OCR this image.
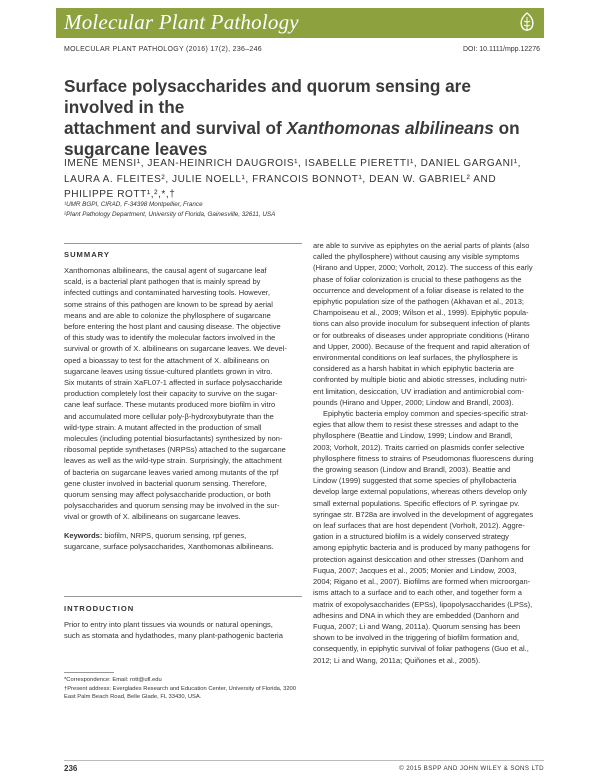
Molecular Plant Pathology
MOLECULAR PLANT PATHOLOGY (2016) 17(2), 236–246	DOI: 10.1111/mpp.12276
Surface polysaccharides and quorum sensing are involved in the
attachment and survival of Xanthomonas albilineans on
sugarcane leaves
IMENE MENSI¹, JEAN-HEINRICH DAUGROIS¹, ISABELLE PIERETTI¹, DANIEL GARGANI¹,
LAURA A. FLEITES², JULIE NOELL¹, FRANCOIS BONNOT¹, DEAN W. GABRIEL² AND
PHILIPPE ROTT¹,²,*,†
¹UMR BGPI, CIRAD, F-34398 Montpellier, France
²Plant Pathology Department, University of Florida, Gainesville, 32611, USA
SUMMARY
Xanthomonas albilineans, the causal agent of sugarcane leaf
scald, is a bacterial plant pathogen that is mainly spread by
infected cuttings and contaminated harvesting tools. However,
some strains of this pathogen are known to be spread by aerial
means and are able to colonize the phyllosphere of sugarcane
before entering the host plant and causing disease. The objective
of this study was to identify the molecular factors involved in the
survival or growth of X. albilineans on sugarcane leaves. We devel-
oped a bioassay to test for the attachment of X. albilineans on
sugarcane leaves using tissue-cultured plantlets grown in vitro.
Six mutants of strain XaFL07-1 affected in surface polysaccharide
production completely lost their capacity to survive on the sugar-
cane leaf surface. These mutants produced more biofilm in vitro
and accumulated more cellular poly-β-hydroxybutyrate than the
wild-type strain. A mutant affected in the production of small
molecules (including potential biosurfactants) synthesized by non-
ribosomal peptide synthetases (NRPSs) attached to the sugarcane
leaves as well as the wild-type strain. Surprisingly, the attachment
of bacteria on sugarcane leaves varied among mutants of the rpf
gene cluster involved in bacterial quorum sensing. Therefore,
quorum sensing may affect polysaccharide production, or both
polysaccharides and quorum sensing may be involved in the sur-
vival or growth of X. albilineans on sugarcane leaves.
Keywords: biofilm, NRPS, quorum sensing, rpf genes,
sugarcane, surface polysaccharides, Xanthomonas albilineans.
INTRODUCTION
Prior to entry into plant tissues via wounds or natural openings,
such as stomata and hydathodes, many plant-pathogenic bacteria
*Correspondence: Email: rott@ufl.edu
†Present address: Everglades Research and Education Center, University of Florida, 3200
East Palm Beach Road, Belle Glade, FL 33430, USA.
are able to survive as epiphytes on the aerial parts of plants (also
called the phyllosphere) without causing any visible symptoms
(Hirano and Upper, 2000; Vorholt, 2012). The success of this early
phase of foliar colonization is crucial to these pathogens as the
occurrence and development of a foliar disease is related to the
epiphytic population size of the pathogen (Akhavan et al., 2013;
Champoiseau et al., 2009; Wilson et al., 1999). Epiphytic popula-
tions can also provide inoculum for subsequent infection of plants
or for outbreaks of diseases under appropriate conditions (Hirano
and Upper, 2000). Because of the frequent and rapid alteration of
environmental conditions on leaf surfaces, the phyllosphere is
considered as a harsh habitat in which epiphytic bacteria are
confronted by multiple biotic and abiotic stresses, including nutri-
ent limitation, desiccation, UV irradiation and antimicrobial com-
pounds (Hirano and Upper, 2000; Lindow and Brandl, 2003).
Epiphytic bacteria employ common and species-specific strat-
egies that allow them to resist these stresses and adapt to the
phyllosphere (Beattie and Lindow, 1999; Lindow and Brandl,
2003; Vorholt, 2012). Traits carried on plasmids confer selective
phyllosphere fitness to strains of Pseudomonas fluorescens during
the growing season (Lindow and Brandl, 2003). Beattie and
Lindow (1999) suggested that some species of phyllobacteria
develop large external populations, whereas others develop only
small external populations. Specific effectors of P. syringae pv.
syringae str. B728a are involved in the development of aggregates
on leaf surfaces that are host dependent (Vorholt, 2012). Aggre-
gation in a structured biofilm is a widely conserved strategy
among epiphytic bacteria and is produced by many pathogens for
protection against desiccation and other stresses (Danhorn and
Fuqua, 2007; Jacques et al., 2005; Monier and Lindow, 2003,
2004; Rigano et al., 2007). Biofilms are formed when microorgan-
isms attach to a surface and to each other, and together form a
matrix of exopolysaccharides (EPSs), lipopolysaccharides (LPSs),
adhesins and DNA in which they are embedded (Danhorn and
Fuqua, 2007; Li and Wang, 2011a). Quorum sensing has been
shown to be involved in the triggering of biofilm formation and,
consequently, in epiphytic survival of foliar pathogens (Guo et al.,
2012; Li and Wang, 2011a; Quiñones et al., 2005).
236	© 2015 BSPP AND JOHN WILEY & SONS LTD
